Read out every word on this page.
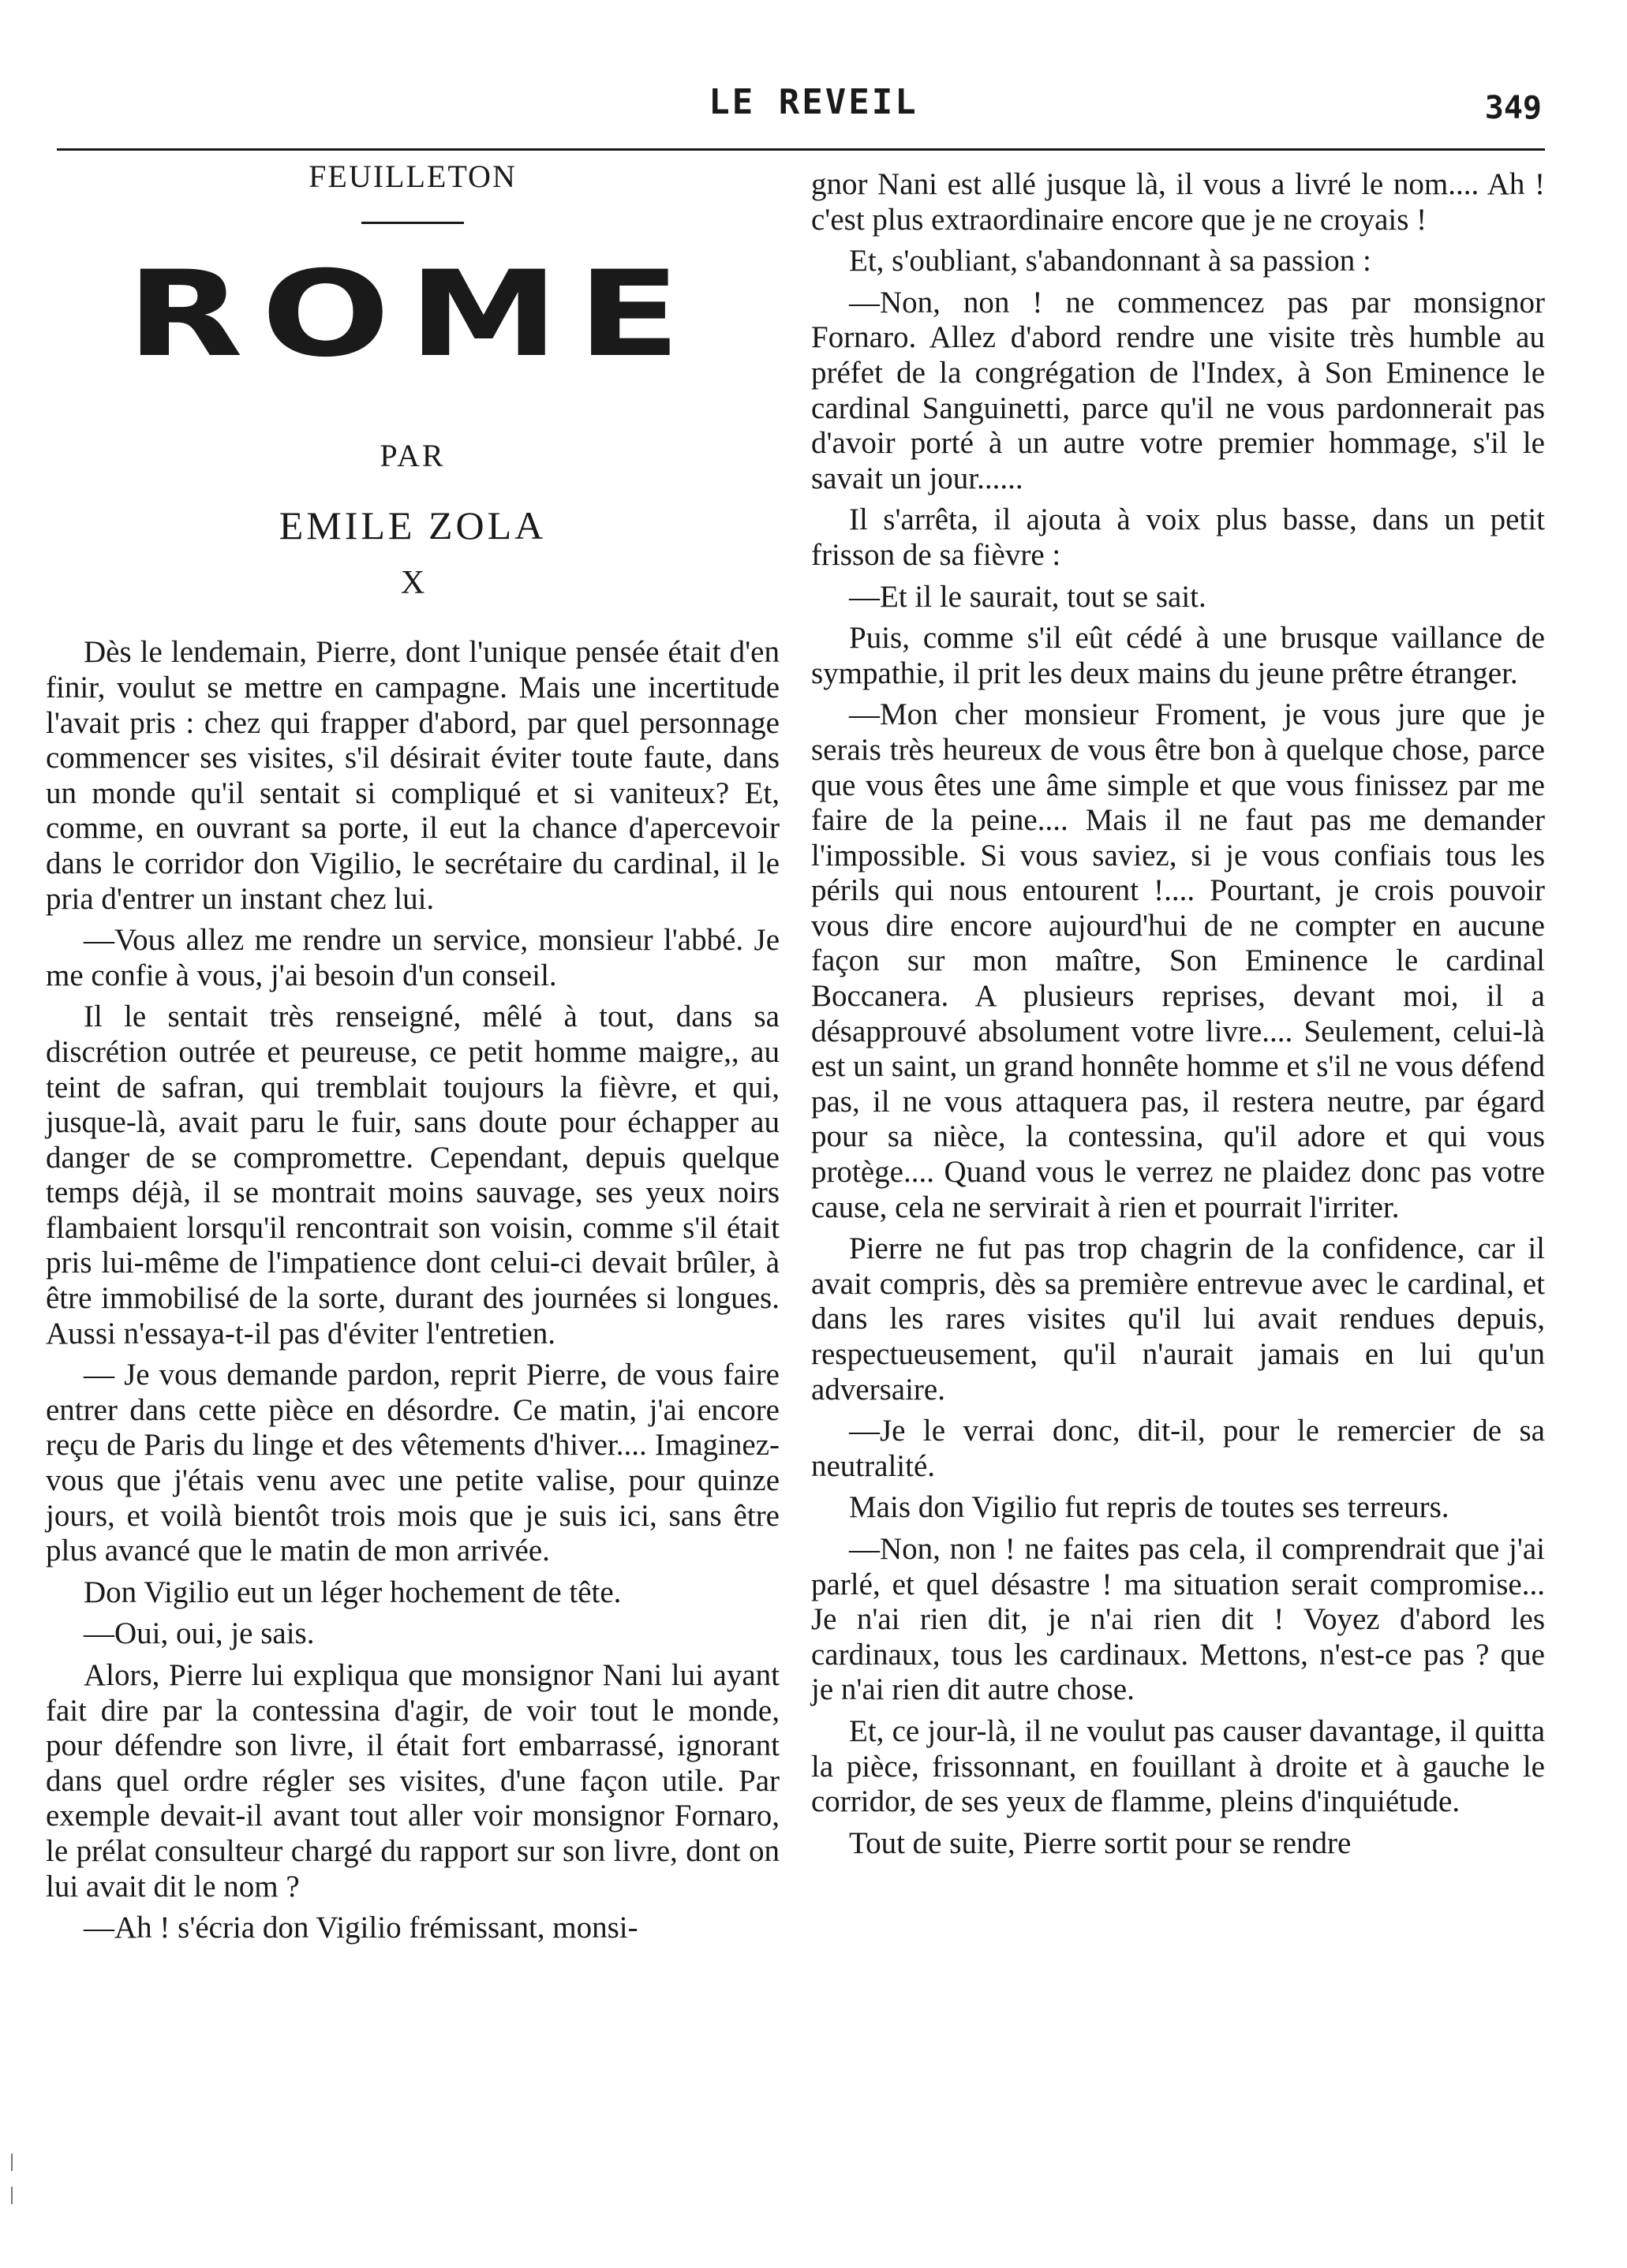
LE REVEIL	349
FEUILLETON
ROME
PAR
EMILE ZOLA
X

Dès le lendemain, Pierre, dont l'unique pensée était d'en finir, voulut se mettre en campagne. Mais une incertitude l'avait pris : chez qui frapper d'abord, par quel personnage commencer ses visites, s'il désirait éviter toute faute, dans un monde qu'il sentait si compliqué et si vaniteux? Et, comme, en ouvrant sa porte, il eut la chance d'apercevoir dans le corridor don Vigilio, le secrétaire du cardinal, il le pria d'entrer un instant chez lui.

—Vous allez me rendre un service, monsieur l'abbé. Je me confie à vous, j'ai besoin d'un conseil.

Il le sentait très renseigné, mêlé à tout, dans sa discrétion outrée et peureuse, ce petit homme maigre,, au teint de safran, qui tremblait toujours la fièvre, et qui, jusque-là, avait paru le fuir, sans doute pour échapper au danger de se compromettre. Cependant, depuis quelque temps déjà, il se montrait moins sauvage, ses yeux noirs flambaient lorsqu'il rencontrait son voisin, comme s'il était pris lui-même de l'impatience dont celui-ci devait brûler, à être immobilisé de la sorte, durant des journées si longues. Aussi n'essaya-t-il pas d'éviter l'entretien.

— Je vous demande pardon, reprit Pierre, de vous faire entrer dans cette pièce en désordre. Ce matin, j'ai encore reçu de Paris du linge et des vêtements d'hiver.... Imaginez-vous que j'étais venu avec une petite valise, pour quinze jours, et voilà bientôt trois mois que je suis ici, sans être plus avancé que le matin de mon arrivée.

Don Vigilio eut un léger hochement de tête.

—Oui, oui, je sais.

Alors, Pierre lui expliqua que monsignor Nani lui ayant fait dire par la contessina d'agir, de voir tout le monde, pour défendre son livre, il était fort embarrassé, ignorant dans quel ordre régler ses visites, d'une façon utile. Par exemple devait-il avant tout aller voir monsignor Fornaro, le prélat consulteur chargé du rapport sur son livre, dont on lui avait dit le nom ?

—Ah ! s'écria don Vigilio frémissant, monsi-

gnor Nani est allé jusque là, il vous a livré le nom.... Ah ! c'est plus extraordinaire encore que je ne croyais !

Et, s'oubliant, s'abandonnant à sa passion :

—Non, non ! ne commencez pas par monsignor Fornaro. Allez d'abord rendre une visite très humble au préfet de la congrégation de l'Index, à Son Eminence le cardinal Sanguinetti, parce qu'il ne vous pardonnerait pas d'avoir porté à un autre votre premier hommage, s'il le savait un jour......

Il s'arrêta, il ajouta à voix plus basse, dans un petit frisson de sa fièvre :

—Et il le saurait, tout se sait.

Puis, comme s'il eût cédé à une brusque vaillance de sympathie, il prit les deux mains du jeune prêtre étranger.

—Mon cher monsieur Froment, je vous jure que je serais très heureux de vous être bon à quelque chose, parce que vous êtes une âme simple et que vous finissez par me faire de la peine.... Mais il ne faut pas me demander l'impossible. Si vous saviez, si je vous confiais tous les périls qui nous entourent !.... Pourtant, je crois pouvoir vous dire encore aujourd'hui de ne compter en aucune façon sur mon maître, Son Eminence le cardinal Boccanera. A plusieurs reprises, devant moi, il a désapprouvé absolument votre livre.... Seulement, celui-là est un saint, un grand honnête homme et s'il ne vous défend pas, il ne vous attaquera pas, il restera neutre, par égard pour sa nièce, la contessina, qu'il adore et qui vous protège.... Quand vous le verrez ne plaidez donc pas votre cause, cela ne servirait à rien et pourrait l'irriter.

Pierre ne fut pas trop chagrin de la confidence, car il avait compris, dès sa première entrevue avec le cardinal, et dans les rares visites qu'il lui avait rendues depuis, respectueusement, qu'il n'aurait jamais en lui qu'un adversaire.

—Je le verrai donc, dit-il, pour le remercier de sa neutralité.

Mais don Vigilio fut repris de toutes ses terreurs.

—Non, non ! ne faites pas cela, il comprendrait que j'ai parlé, et quel désastre ! ma situation serait compromise... Je n'ai rien dit, je n'ai rien dit ! Voyez d'abord les cardinaux, tous les cardinaux. Mettons, n'est-ce pas ? que je n'ai rien dit autre chose.

Et, ce jour-là, il ne voulut pas causer davantage, il quitta la pièce, frissonnant, en fouillant à droite et à gauche le corridor, de ses yeux de flamme, pleins d'inquiétude.

Tout de suite, Pierre sortit pour se rendre
